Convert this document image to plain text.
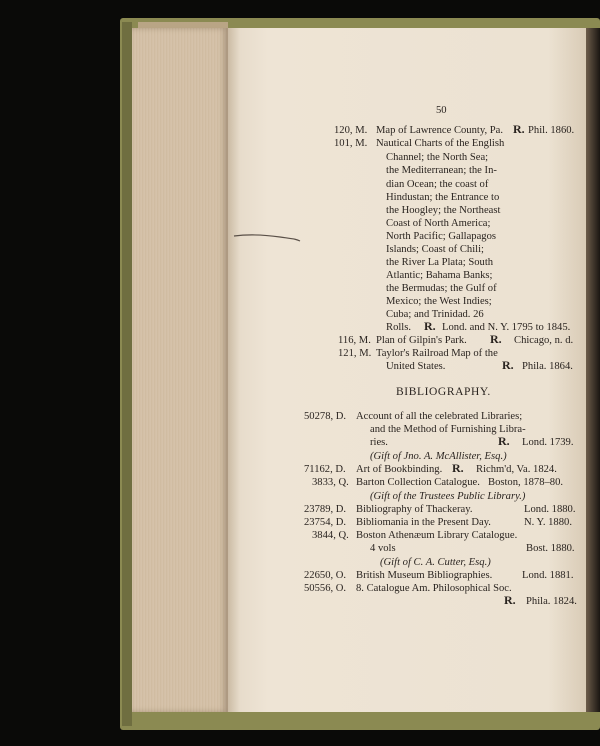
50
120, M. Map of Lawrence County, Pa. R. Phil. 1860.
101, M. Nautical Charts of the English
Channel; the North Sea;
the Mediterranean; the In-
dian Ocean; the coast of
Hindustan; the Entrance to
the Hoogley; the Northeast
Coast of North America;
North Pacific; Gallapagos
Islands; Coast of Chili;
the River La Plata; South
Atlantic; Bahama Banks;
the Bermudas; the Gulf of
Mexico; the West Indies;
Cuba; and Trinidad. 26
Rolls. R. Lond. and N. Y. 1795 to 1845.
116, M. Plan of Gilpin's Park. R. Chicago, n. d.
121, M. Taylor's Railroad Map of the
United States.	R. Phila. 1864.
BIBLIOGRAPHY.
50278, D. Account of all the celebrated Libraries;
and the Method of Furnishing Libra-
ries.	R. Lond. 1739.
(Gift of Jno. A. McAllister, Esq.)
71162, D. Art of Bookbinding. R. Richm'd, Va. 1824.
3833, Q. Barton Collection Catalogue. Boston, 1878–80.
(Gift of the Trustees Public Library.)
23789, D. Bibliography of Thackeray.	Lond. 1880.
23754, D. Bibliomania in the Present Day.	N. Y. 1880.
3844, Q. Boston Athenæum Library Catalogue.
4 vols	Bost. 1880.
(Gift of C. A. Cutter, Esq.)
22650, O. British Museum Bibliographies.	Lond. 1881.
50556, O. 8. Catalogue Am. Philosophical Soc.
R. Phila. 1824.
